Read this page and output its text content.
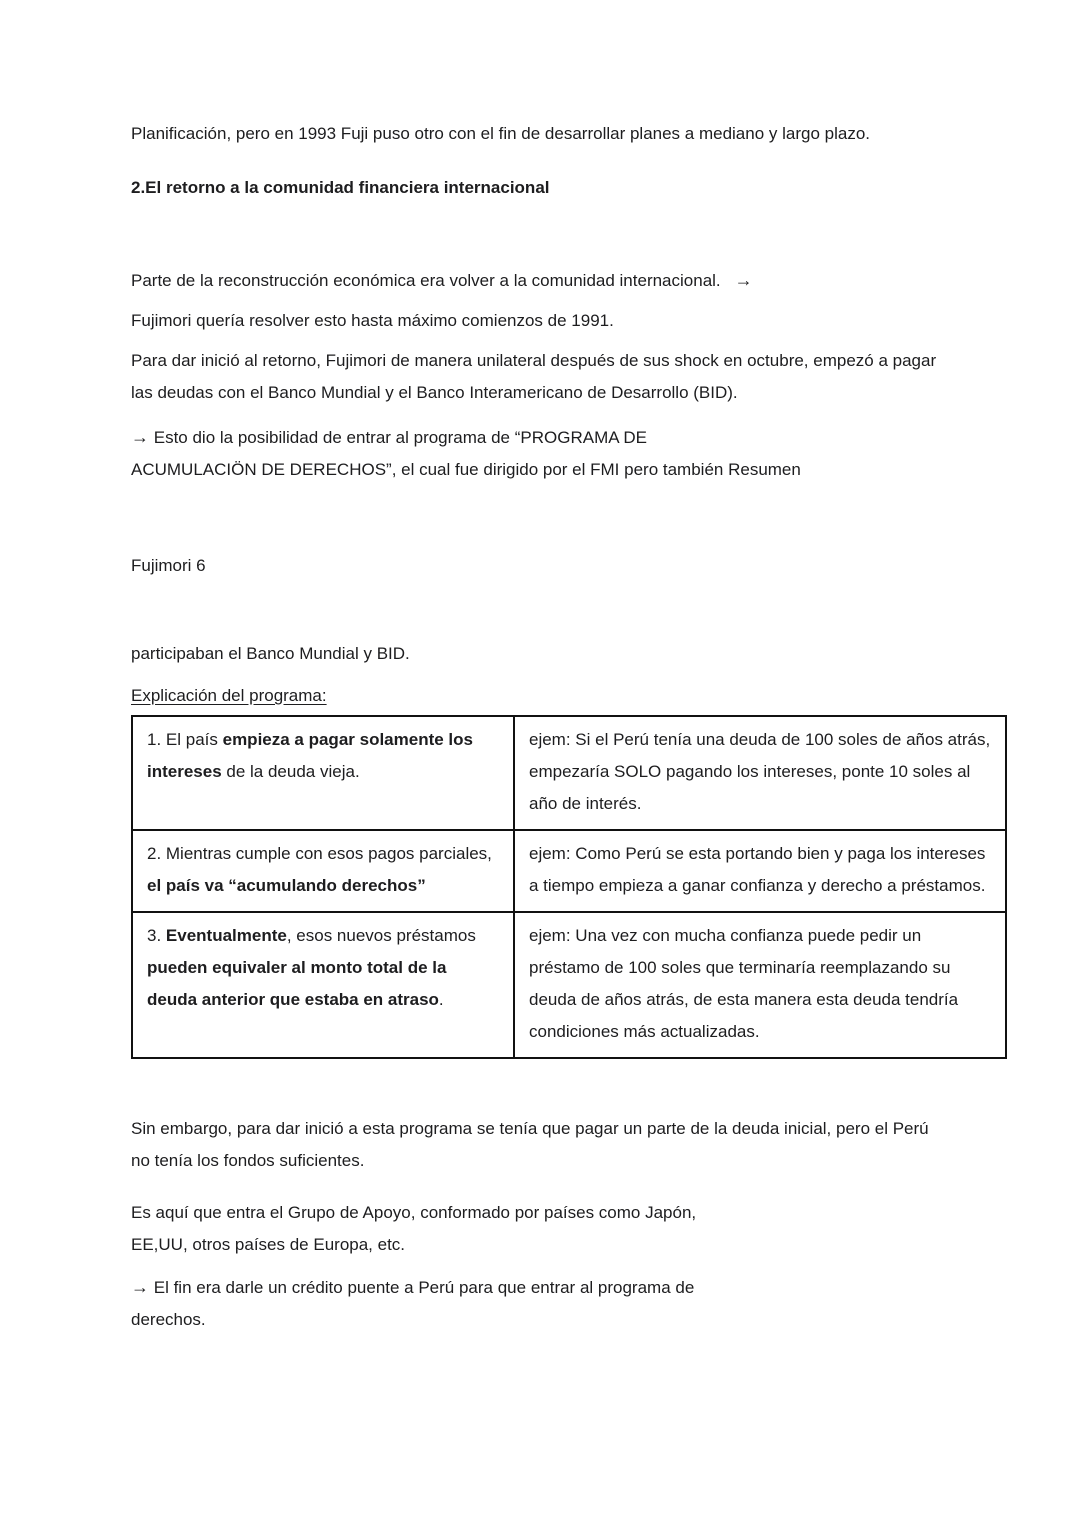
Planificación, pero en 1993 Fuji puso otro con el fin de desarrollar planes a mediano y largo plazo.

2.El retorno a la comunidad financiera internacional

Parte de la reconstrucción económica era volver a la comunidad internacional. →

Fujimori quería resolver esto hasta máximo comienzos de 1991.

Para dar inició al retorno, Fujimori de manera unilateral después de sus shock en octubre, empezó a pagar las deudas con el Banco Mundial y el Banco Interamericano de Desarrollo (BID).

→ Esto dio la posibilidad de entrar al programa de “PROGRAMA DE
ACUMULACIÖN DE DERECHOS”, el cual fue dirigido por el FMI pero también Resumen

Fujimori 6

participaban el Banco Mundial y BID.

Explicación del programa:

1. El país empieza a pagar solamente los intereses de la deuda vieja.	ejem: Si el Perú tenía una deuda de 100 soles de años atrás, empezaría SOLO pagando los intereses, ponte 10 soles al año de interés.
2. Mientras cumple con esos pagos parciales, el país va “acumulando derechos”	ejem: Como Perú se esta portando bien y paga los intereses a tiempo empieza a ganar confianza y derecho a préstamos.
3. Eventualmente, esos nuevos préstamos pueden equivaler al monto total de la deuda anterior que estaba en atraso.	ejem: Una vez con mucha confianza puede pedir un préstamo de 100 soles que terminaría reemplazando su deuda de años atrás, de esta manera esta deuda tendría condiciones más actualizadas.

Sin embargo, para dar inició a esta programa se tenía que pagar un parte de la deuda inicial, pero el Perú no tenía los fondos suficientes.

Es aquí que entra el Grupo de Apoyo, conformado por países como Japón,
EE,UU, otros países de Europa, etc.

→ El fin era darle un crédito puente a Perú para que entrar al programa de
derechos.
